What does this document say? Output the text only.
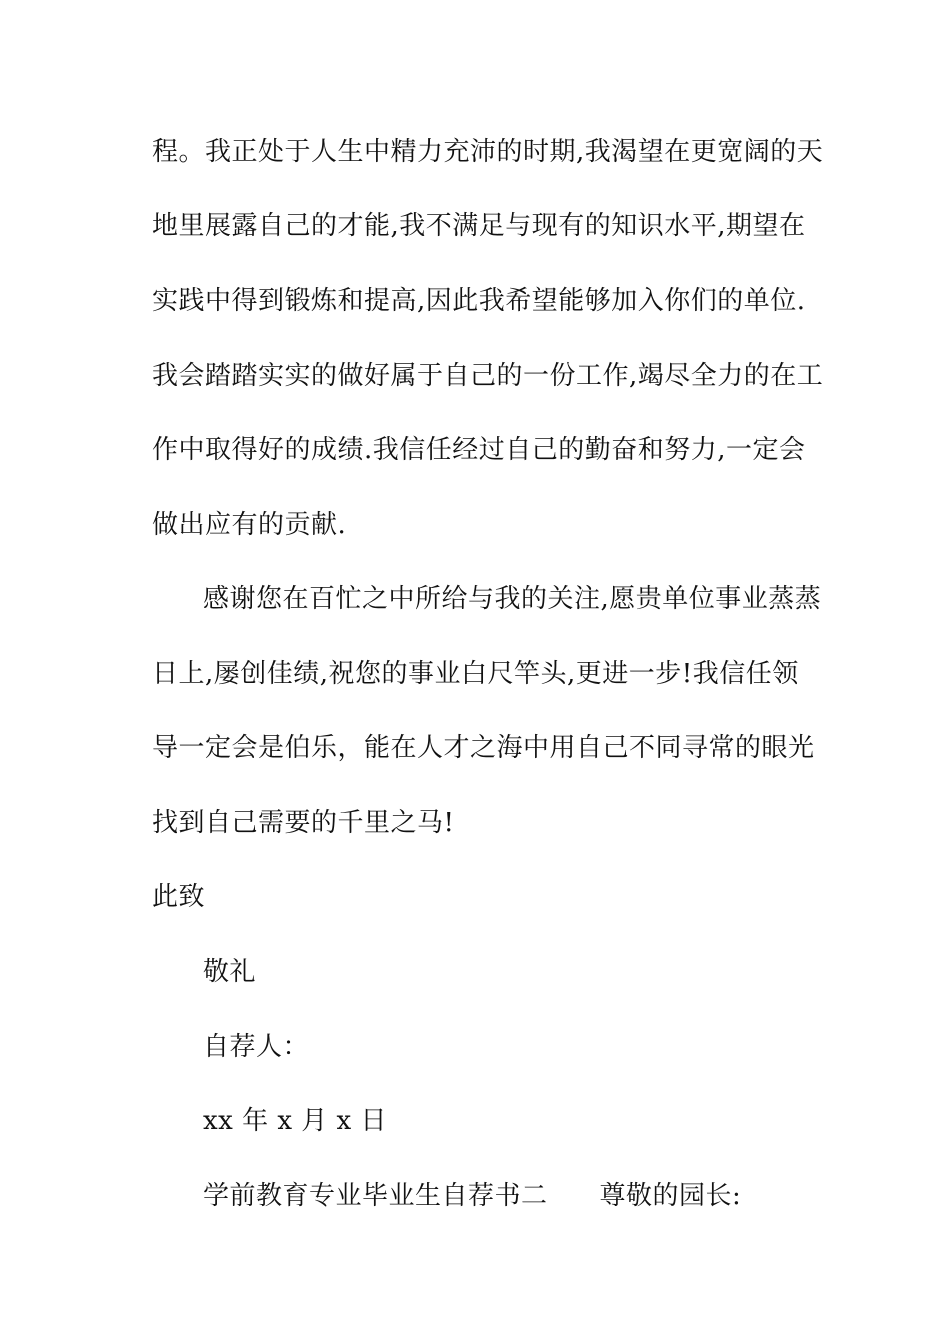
程。我正处于人生中精力充沛的时期,我渴望在更宽阔的天
地里展露自己的才能,我不满足与现有的知识水平,期望在
实践中得到锻炼和提高,因此我希望能够加入你们的单位.
我会踏踏实实的做好属于自己的一份工作,竭尽全力的在工
作中取得好的成绩.我信任经过自己的勤奋和努力,一定会
做出应有的贡献.
感谢您在百忙之中所给与我的关注,愿贵单位事业蒸蒸
日上,屡创佳绩,祝您的事业白尺竿头,更进一步!我信任领
导一定会是伯乐，能在人才之海中用自己不同寻常的眼光
找到自己需要的千里之马!
此致
敬礼
自荐人：
xx 年 x 月 x 日
学前教育专业毕业生自荐书二 尊敬的园长:
